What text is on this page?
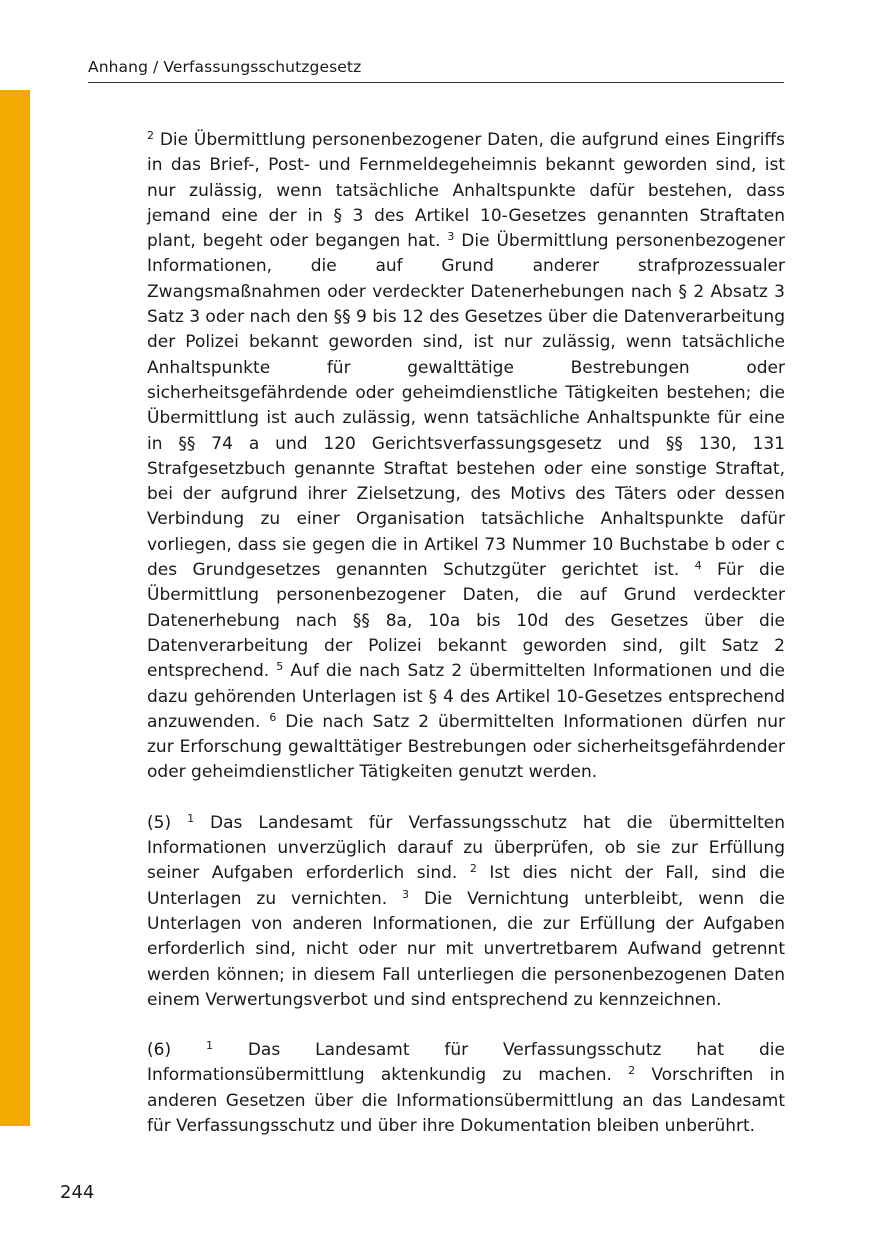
Anhang / Verfassungsschutzgesetz

$^2$ Die Übermittlung personenbezogener Daten, die aufgrund eines Eingriffs in das Brief-, Post- und Fernmeldegeheimnis bekannt geworden sind, ist nur zulässig, wenn tatsächliche Anhaltspunkte dafür bestehen, dass jemand eine der in § 3 des Artikel 10-Gesetzes genannten Straftaten plant, begeht oder begangen hat. $^3$ Die Übermittlung personenbezogener Informationen, die auf Grund anderer strafprozessualer Zwangsmaßnahmen oder verdeckter Datenerhebungen nach § 2 Absatz 3 Satz 3 oder nach den §§ 9 bis 12 des Gesetzes über die Datenverarbeitung der Polizei bekannt geworden sind, ist nur zulässig, wenn tatsächliche Anhaltspunkte für gewalttätige Bestrebungen oder sicherheitsgefährdende oder geheimdienstliche Tätigkeiten bestehen; die Übermittlung ist auch zulässig, wenn tatsächliche Anhaltspunkte für eine in §§ 74 a und 120 Gerichtsverfassungsgesetz und §§ 130, 131 Strafgesetzbuch genannte Straftat bestehen oder eine sonstige Straftat, bei der aufgrund ihrer Zielsetzung, des Motivs des Täters oder dessen Verbindung zu einer Organisation tatsächliche Anhaltspunkte dafür vorliegen, dass sie gegen die in Artikel 73 Nummer 10 Buchstabe b oder c des Grundgesetzes genannten Schutzgüter gerichtet ist. $^4$ Für die Übermittlung personenbezogener Daten, die auf Grund verdeckter Datenerhebung nach §§ 8a, 10a bis 10d des Gesetzes über die Datenverarbeitung der Polizei bekannt geworden sind, gilt Satz 2 entsprechend. $^5$ Auf die nach Satz 2 übermittelten Informationen und die dazu gehörenden Unterlagen ist § 4 des Artikel 10-Gesetzes entsprechend anzuwenden. $^6$ Die nach Satz 2 übermittelten Informationen dürfen nur zur Erforschung gewalttätiger Bestrebungen oder sicherheitsgefährdender oder geheimdienstlicher Tätigkeiten genutzt werden.

(5) $^1$ Das Landesamt für Verfassungsschutz hat die übermittelten Informationen unverzüglich darauf zu überprüfen, ob sie zur Erfüllung seiner Aufgaben erforderlich sind. $^2$ Ist dies nicht der Fall, sind die Unterlagen zu vernichten. $^3$ Die Vernichtung unterbleibt, wenn die Unterlagen von anderen Informationen, die zur Erfüllung der Aufgaben erforderlich sind, nicht oder nur mit unvertretbarem Aufwand getrennt werden können; in diesem Fall unterliegen die personenbezogenen Daten einem Verwertungsverbot und sind entsprechend zu kennzeichnen.

(6)	$^1$ Das Landesamt für Verfassungsschutz hat die Informationsübermittlung aktenkundig zu machen. $^2$ Vorschriften in anderen Gesetzen über die Informationsübermittlung an das Landesamt für Verfassungsschutz und über ihre Dokumentation bleiben unberührt.

244
